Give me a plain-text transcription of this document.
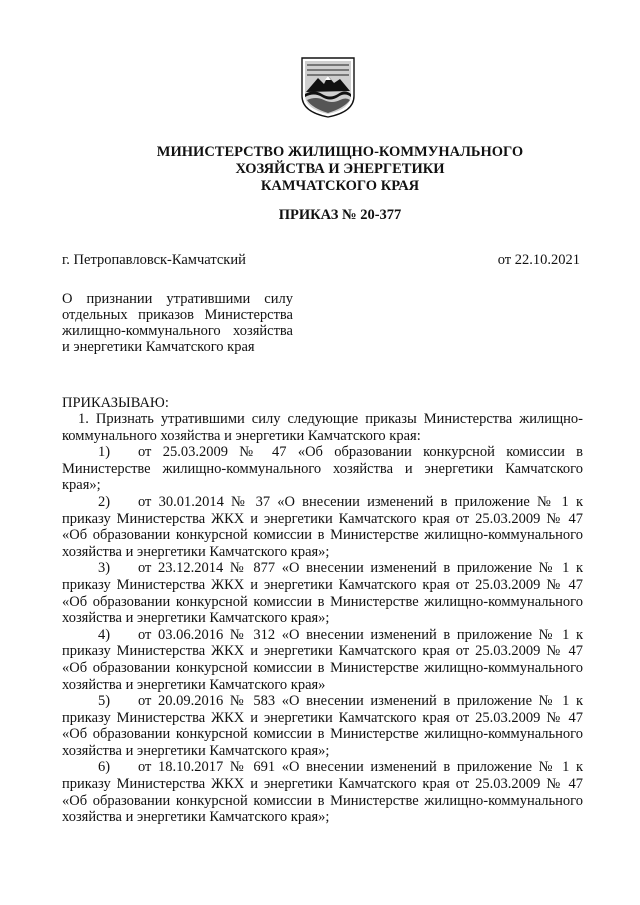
МИНИСТЕРСТВО ЖИЛИЩНО-КОММУНАЛЬНОГО
ХОЗЯЙСТВА И ЭНЕРГЕТИКИ
КАМЧАТСКОГО КРАЯ
ПРИКАЗ № 20-377
г. Петропавловск-Камчатский	от 22.10.2021
О признании утратившими силу отдельных приказов Министерства жилищно-коммунального хозяйства и энергетики Камчатского края
ПРИКАЗЫВАЮ:

1. Признать утратившими силу следующие приказы Министерства жилищно-коммунального хозяйства и энергетики Камчатского края:

1) от 25.03.2009 № 47 «Об образовании конкурсной комиссии в Министерстве жилищно-коммунального хозяйства и энергетики Камчатского края»;

2) от 30.01.2014 № 37 «О внесении изменений в приложение № 1 к приказу Министерства ЖКХ и энергетики Камчатского края от 25.03.2009 № 47 «Об образовании конкурсной комиссии в Министерстве жилищно-коммунального хозяйства и энергетики Камчатского края»;

3) от 23.12.2014 № 877 «О внесении изменений в приложение № 1 к приказу Министерства ЖКХ и энергетики Камчатского края от 25.03.2009 № 47 «Об образовании конкурсной комиссии в Министерстве жилищно-коммунального хозяйства и энергетики Камчатского края»;

4) от 03.06.2016 № 312 «О внесении изменений в приложение № 1 к приказу Министерства ЖКХ и энергетики Камчатского края от 25.03.2009 № 47 «Об образовании конкурсной комиссии в Министерстве жилищно-коммунального хозяйства и энергетики Камчатского края»

5) от 20.09.2016 № 583 «О внесении изменений в приложение № 1 к приказу Министерства ЖКХ и энергетики Камчатского края от 25.03.2009 № 47 «Об образовании конкурсной комиссии в Министерстве жилищно-коммунального хозяйства и энергетики Камчатского края»;

6) от 18.10.2017 № 691 «О внесении изменений в приложение № 1 к приказу Министерства ЖКХ и энергетики Камчатского края от 25.03.2009 № 47 «Об образовании конкурсной комиссии в Министерстве жилищно-коммунального хозяйства и энергетики Камчатского края»;
